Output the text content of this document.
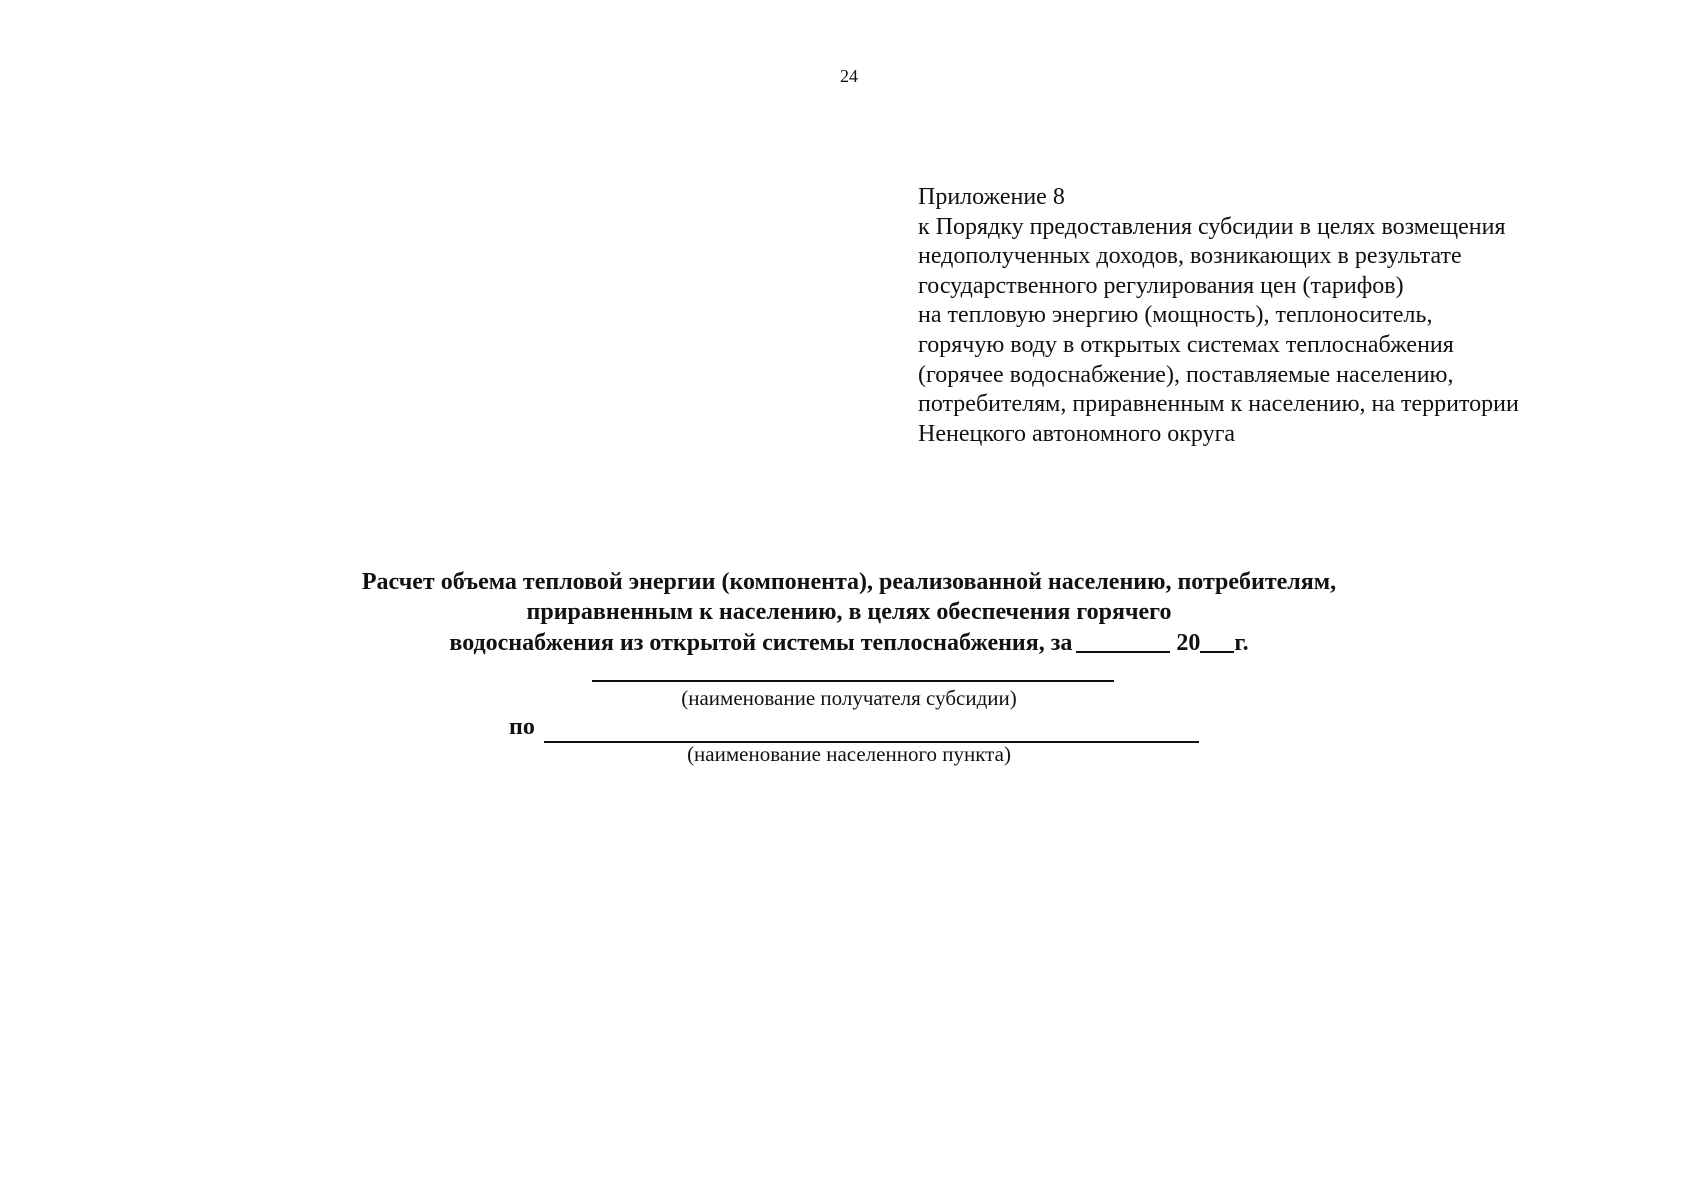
24
Приложение 8
к Порядку предоставления субсидии в целях возмещения
недополученных доходов, возникающих в результате
государственного регулирования цен (тарифов)
на тепловую энергию (мощность), теплоноситель,
горячую воду в открытых системах теплоснабжения
(горячее водоснабжение), поставляемые населению,
потребителям, приравненным к населению, на территории
Ненецкого автономного округа
Расчет объема тепловой энергии (компонента), реализованной населению, потребителям,
приравненным к населению, в целях обеспечения горячего
водоснабжения из открытой системы теплоснабжения, за	20 г.
(наименование получателя субсидии)
по
(наименование населенного пункта)
